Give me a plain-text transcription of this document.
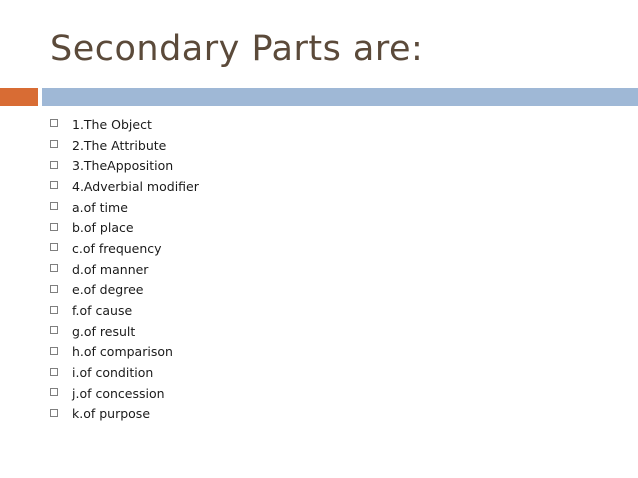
Secondary Parts are:
1.The Object
2.The Attribute
3.TheApposition
4.Adverbial modifier
a.of time
b.of place
c.of frequency
d.of manner
e.of degree
f.of cause
g.of result
h.of comparison
i.of condition
j.of concession
k.of purpose
